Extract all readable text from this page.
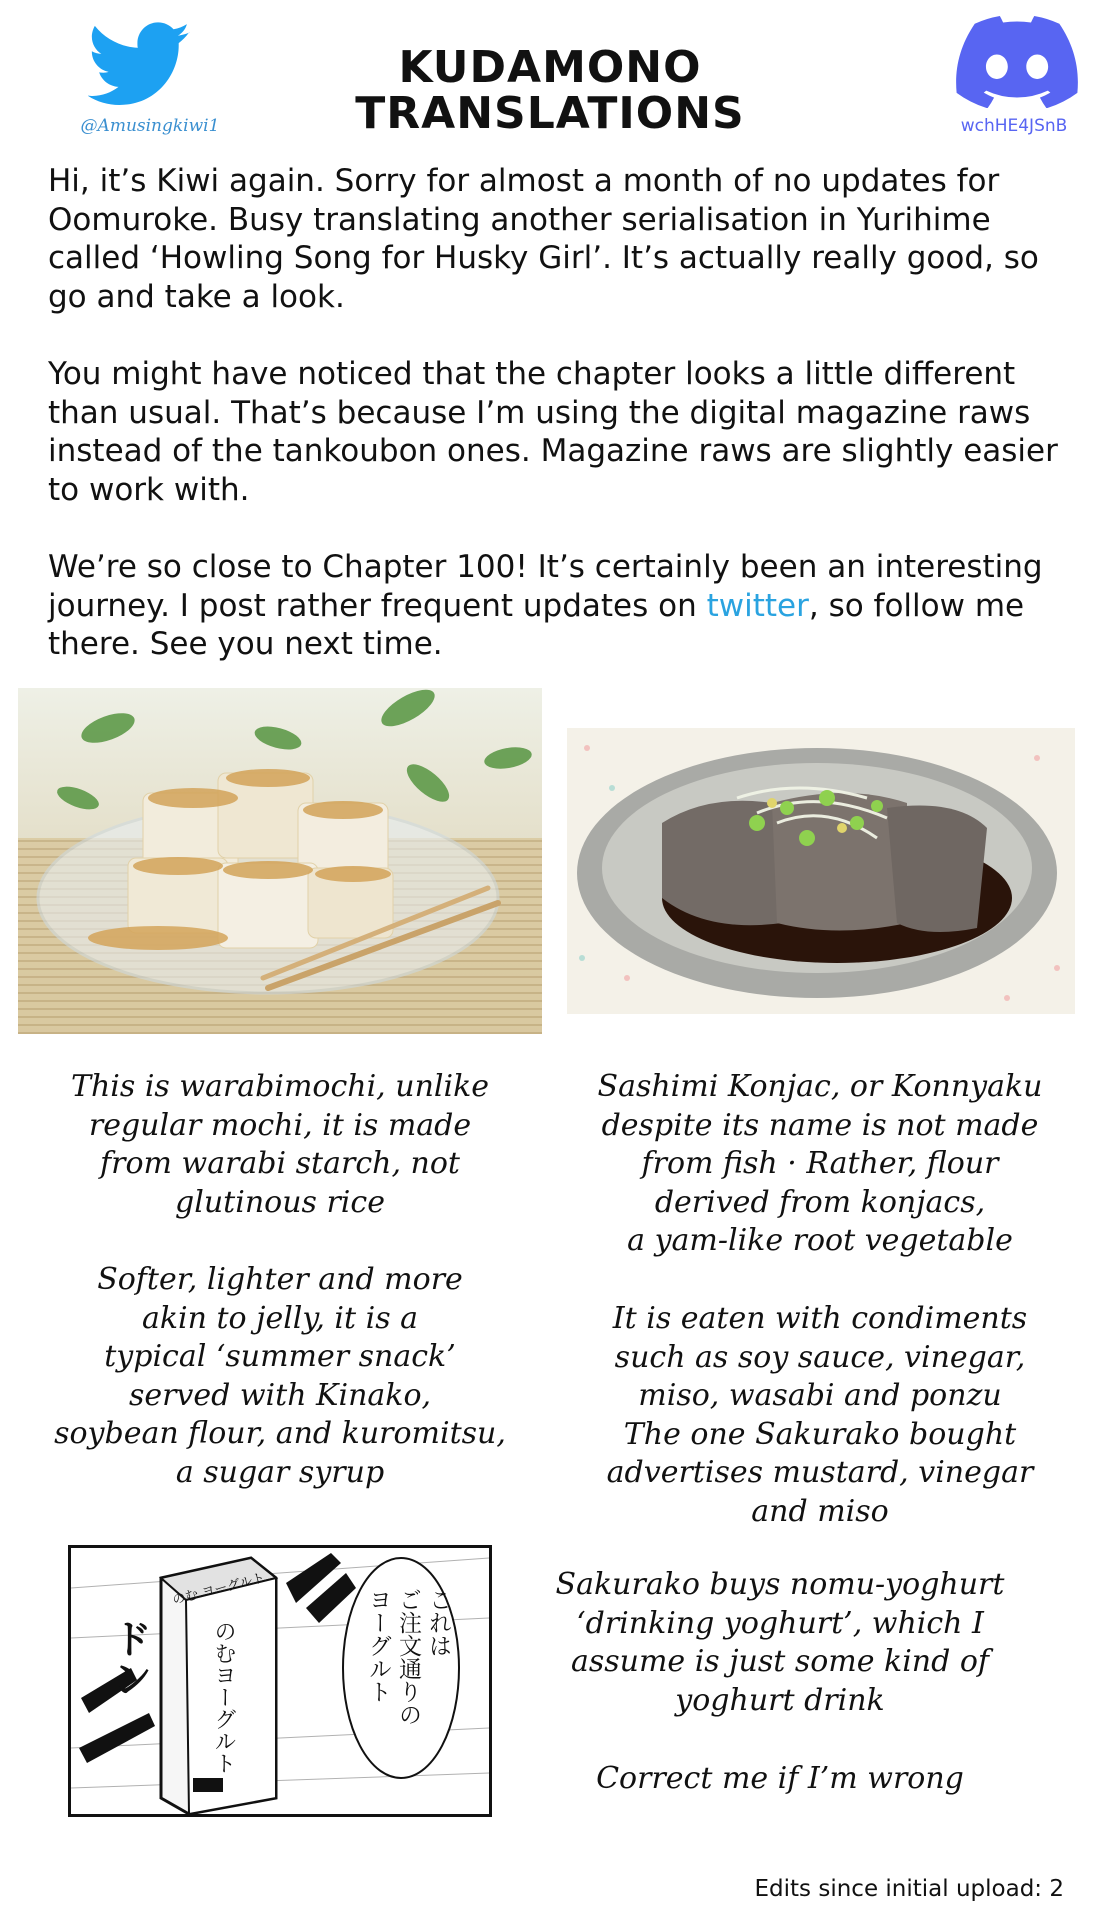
@Amusingkiwi1
KUDAMONO
TRANSLATIONS	wchHE4JSnB
Hi, it’s Kiwi again. Sorry for almost a month of no updates for Oomuroke. Busy translating another serialisation in Yurihime called ‘Howling Song for Husky Girl’. It’s actually really good, so go and take a look.
You might have noticed that the chapter looks a little different than usual. That’s because I’m using the digital magazine raws instead of the tankoubon ones. Magazine raws are slightly easier to work with.
We’re so close to Chapter 100! It’s certainly been an interesting journey. I post rather frequent updates on twitter, so follow me there. See you next time.
This is warabimochi, unlike
regular mochi, it is made
from warabi starch, not
glutinous rice
Softer, lighter and more
akin to jelly, it is a
typical ‘summer snack’
served with Kinako,
soybean flour, and kuromitsu,
a sugar syrup
Sashimi Konjac, or Konnyaku
despite its name is not made
from fish · Rather, flour
derived from konjacs,
a yam-like root vegetable
It is eaten with condiments
such as soy sauce, vinegar,
miso, wasabi and ponzu
The one Sakurako bought
advertises mustard, vinegar
and miso
のむ ヨーグルト
のむヨーグルト
ドン	これは
ご注文通りの
ヨーグルト
Sakurako buys nomu-yoghurt
‘drinking yoghurt’, which I
assume is just some kind of
yoghurt drink
Correct me if I’m wrong
Edits since initial upload: 2
